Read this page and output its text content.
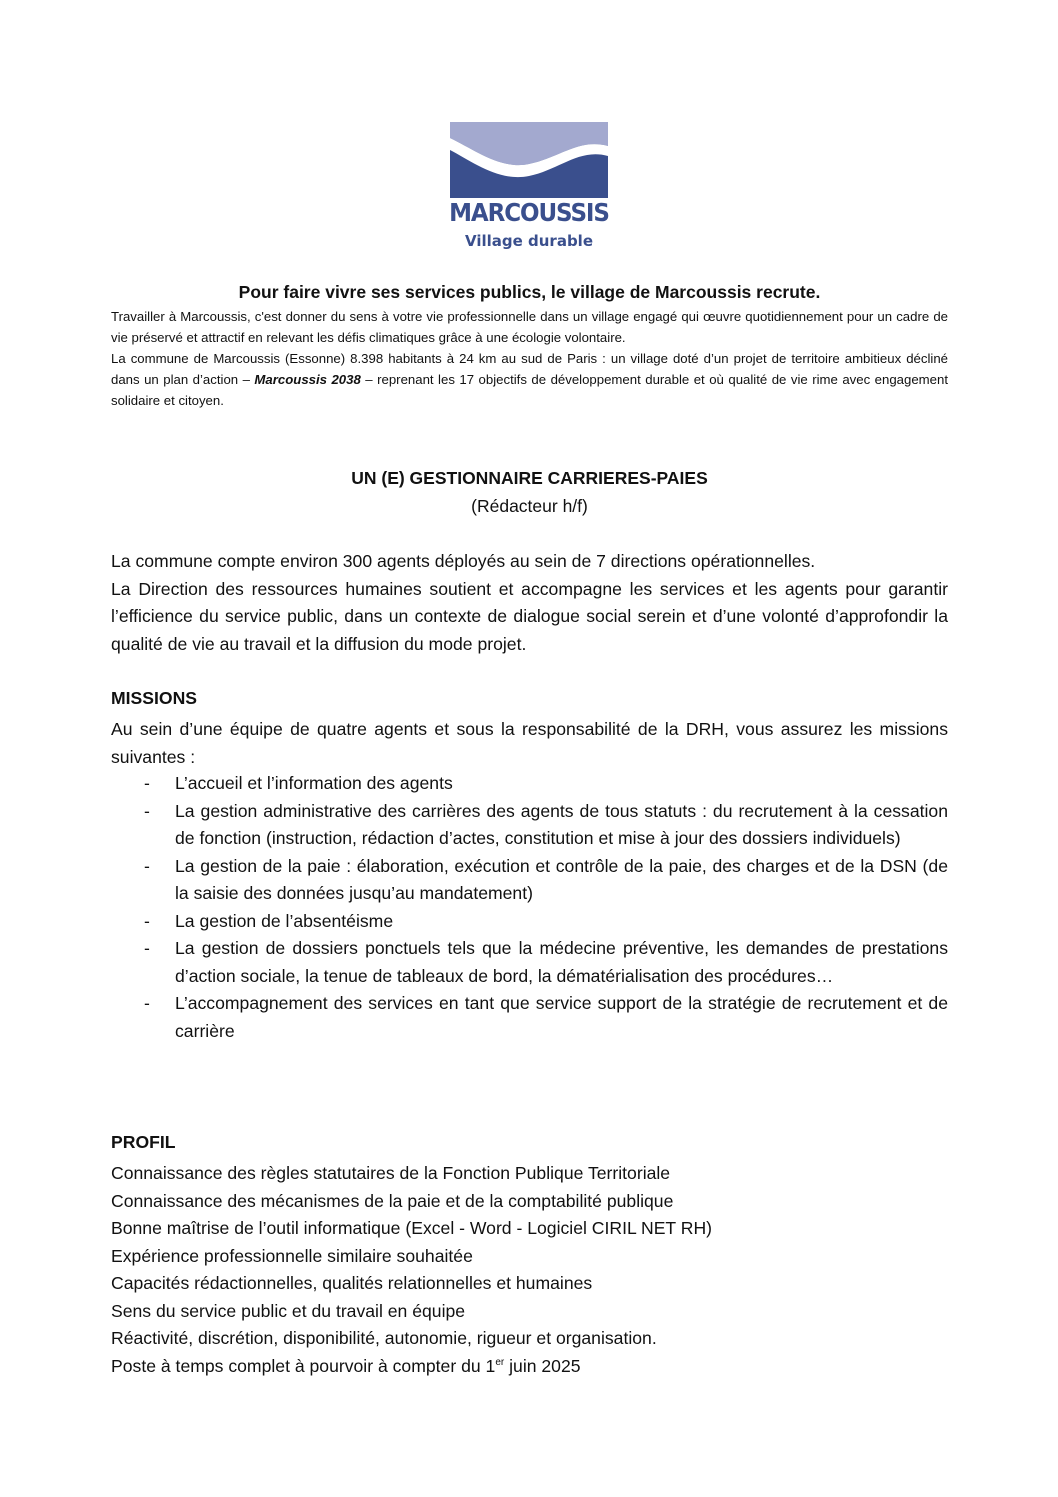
MARCOUSSIS
Village durable
Pour faire vivre ses services publics, le village de Marcoussis recrute.

Travailler à Marcoussis, c'est donner du sens à votre vie professionnelle dans un village engagé qui œuvre quotidiennement pour un cadre de vie préservé et attractif en relevant les défis climatiques grâce à une écologie volontaire.

La commune de Marcoussis (Essonne) 8.398 habitants à 24 km au sud de Paris : un village doté d’un projet de territoire ambitieux décliné dans un plan d’action – Marcoussis 2038 – reprenant les 17 objectifs de développement durable et où qualité de vie rime avec engagement solidaire et citoyen.

UN (E) GESTIONNAIRE CARRIERES-PAIES
(Rédacteur h/f)

La commune compte environ 300 agents déployés au sein de 7 directions opérationnelles.

La Direction des ressources humaines soutient et accompagne les services et les agents pour garantir l’efficience du service public, dans un contexte de dialogue social serein et d’une volonté d’approfondir la qualité de vie au travail et la diffusion du mode projet.

MISSIONS

Au sein d’une équipe de quatre agents et sous la responsabilité de la DRH, vous assurez les missions suivantes :

- L’accueil et l’information des agents
- La gestion administrative des carrières des agents de tous statuts : du recrutement à la cessation de fonction (instruction, rédaction d’actes, constitution et mise à jour des dossiers individuels)
- La gestion de la paie : élaboration, exécution et contrôle de la paie, des charges et de la DSN (de la saisie des données jusqu’au mandatement)
- La gestion de l’absentéisme
- La gestion de dossiers ponctuels tels que la médecine préventive, les demandes de prestations d’action sociale, la tenue de tableaux de bord, la dématérialisation des procédures…
- L’accompagnement des services en tant que service support de la stratégie de recrutement et de carrière
PROFIL
Connaissance des règles statutaires de la Fonction Publique Territoriale
Connaissance des mécanismes de la paie et de la comptabilité publique
Bonne maîtrise de l’outil informatique (Excel - Word - Logiciel CIRIL NET RH)
Expérience professionnelle similaire souhaitée
Capacités rédactionnelles, qualités relationnelles et humaines
Sens du service public et du travail en équipe
Réactivité, discrétion, disponibilité, autonomie, rigueur et organisation.

Poste à temps complet à pourvoir à compter du 1er juin 2025
